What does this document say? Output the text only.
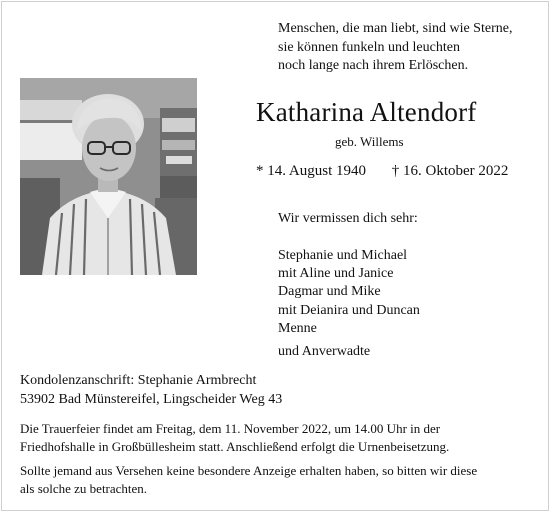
Menschen, die man liebt, sind wie Sterne,
sie können funkeln und leuchten
noch lange nach ihrem Erlöschen.
Katharina Altendorf
geb. Willems
* 14. August 1940 † 16. Oktober 2022
Wir vermissen dich sehr:
Stephanie und Michael
mit Aline und Janice
Dagmar und Mike
mit Deianira und Duncan
Menne
und Anverwadte
Kondolenzanschrift: Stephanie Armbrecht
53902 Bad Münstereifel, Lingscheider Weg 43
Die Trauerfeier findet am Freitag, dem 11. November 2022, um 14.00 Uhr in der
Friedhofshalle in Großbüllesheim statt. Anschließend erfolgt die Urnenbeisetzung.
Sollte jemand aus Versehen keine besondere Anzeige erhalten haben, so bitten wir diese
als solche zu betrachten.
